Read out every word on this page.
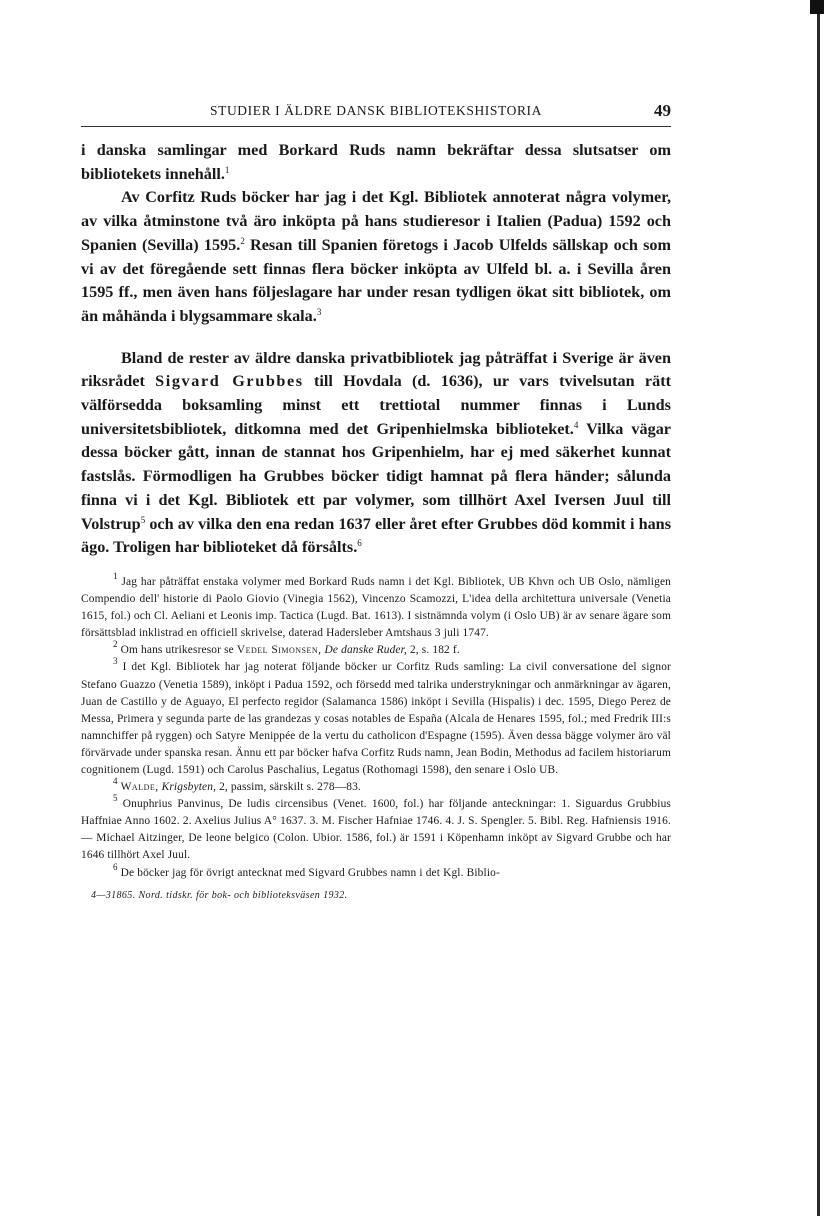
STUDIER I ÄLDRE DANSK BIBLIOTEKSHISTORIA	49

i danska samlingar med Borkard Ruds namn bekräftar dessa slutsatser om bibliotekets innehåll.$^1$

Av Corfitz Ruds böcker har jag i det Kgl. Bibliotek annoterat några volymer, av vilka åtminstone två äro inköpta på hans studieresor i Italien (Padua) 1592 och Spanien (Sevilla) 1595.$^2$ Resan till Spanien företogs i Jacob Ulfelds sällskap och som vi av det föregående sett finnas flera böcker inköpta av Ulfeld bl. a. i Sevilla åren 1595 ff., men även hans följeslagare har under resan tydligen ökat sitt bibliotek, om än måhända i blygsammare skala.$^3$

Bland de rester av äldre danska privatbibliotek jag påträffat i Sverige är även riksrådet Sigvard Grubbes till Hovdala (d. 1636), ur vars tvivelsutan rätt välförsedda boksamling minst ett trettiotal nummer finnas i Lunds universitetsbibliotek, ditkomna med det Gripenhielmska biblioteket.$^4$ Vilka vägar dessa böcker gått, innan de stannat hos Gripenhielm, har ej med säkerhet kunnat fastslås. Förmodligen ha Grubbes böcker tidigt hamnat på flera händer; sålunda finna vi i det Kgl. Bibliotek ett par volymer, som tillhört Axel Iversen Juul till Volstrup$^5$ och av vilka den ena redan 1637 eller året efter Grubbes död kommit i hans ägo. Troligen har biblioteket då försålts.$^6$

$^1$ Jag har påträffat enstaka volymer med Borkard Ruds namn i det Kgl. Bibliotek, UB Khvn och UB Oslo, nämligen Compendio dell' historie di Paolo Giovio (Vinegia 1562), Vincenzo Scamozzi, L'idea della architettura universale (Venetia 1615, fol.) och Cl. Aeliani et Leonis imp. Tactica (Lugd. Bat. 1613). I sistnämnda volym (i Oslo UB) är av senare ägare som försättsblad inklistrad en officiell skrivelse, daterad Hadersleber Amtshaus 3 juli 1747.

$^2$ Om hans utrikesresor se Vedel Simonsen, De danske Ruder, 2, s. 182 f.

$^3$ I det Kgl. Bibliotek har jag noterat följande böcker ur Corfitz Ruds samling: La civil conversatione del signor Stefano Guazzo (Venetia 1589), inköpt i Padua 1592, och försedd med talrika understrykningar och anmärkningar av ägaren, Juan de Castillo y de Aguayo, El perfecto regidor (Salamanca 1586) inköpt i Sevilla (Hispalis) i dec. 1595, Diego Perez de Messa, Primera y segunda parte de las grandezas y cosas notables de España (Alcala de Henares 1595, fol.; med Fredrik III:s namnchiffer på ryggen) och Satyre Menippée de la vertu du catholicon d'Espagne (1595). Även dessa bägge volymer äro väl förvärvade under spanska resan. Ännu ett par böcker hafva Corfitz Ruds namn, Jean Bodin, Methodus ad facilem historiarum cognitionem (Lugd. 1591) och Carolus Paschalius, Legatus (Rothomagi 1598), den senare i Oslo UB.

$^4$ Walde, Krigsbyten, 2, passim, särskilt s. 278—83.

$^5$ Onuphrius Panvinus, De ludis circensibus (Venet. 1600, fol.) har följande anteckningar: 1. Siguardus Grubbius Haffniae Anno 1602. 2. Axelius Julius A° 1637. 3. M. Fischer Hafniae 1746. 4. J. S. Spengler. 5. Bibl. Reg. Hafniensis 1916. — Michael Aitzinger, De leone belgico (Colon. Ubior. 1586, fol.) är 1591 i Köpenhamn inköpt av Sigvard Grubbe och har 1646 tillhört Axel Juul.

$^6$ De böcker jag för övrigt antecknat med Sigvard Grubbes namn i det Kgl. Biblio-

4—31865. Nord. tidskr. för bok- och biblioteksväsen 1932.
